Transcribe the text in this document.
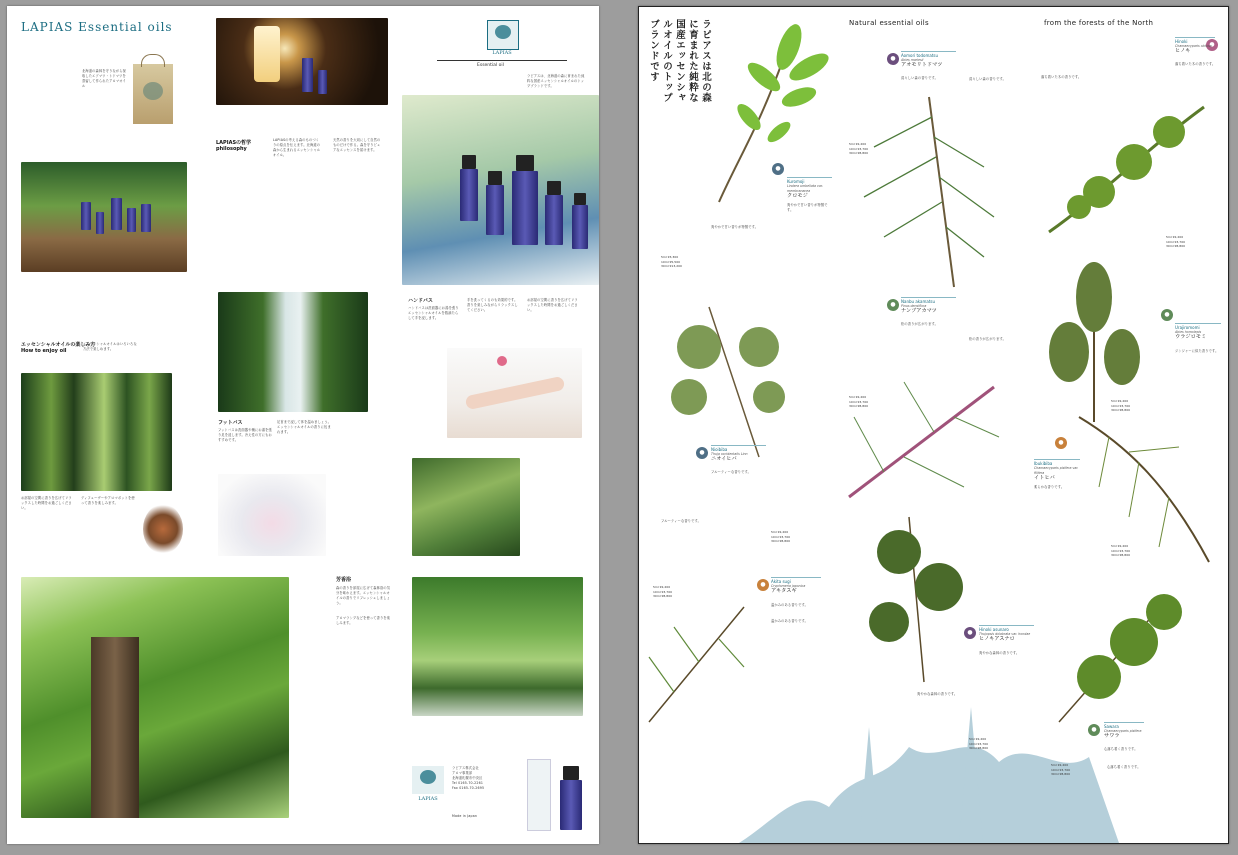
LAPIAS Essential oils
北海道の森林を守りながら採取したエゾマツ・トドマツを蒸留して作られたアロマオイル
LAPIASの哲学
philosophy
LAPIASの考える森のものづくりの原点を伝えます。北海道の森から生まれるエッセンシャルオイル。
天然の香りを大切にして自然のものだけで作る。森を守りピュアなエッセンスを届けます。
LAPIAS
Essential oil
ラピアスは、北海道の森に育まれた純粋な国産エッセンシャルオイルのトップブランドです。
エッセンシャルオイルの楽しみ方
How to enjoy oil
エッセンシャルオイルはいろいろな方法で楽しめます。
お部屋の空間に香りを広げてリラックスした時間をお過ごしください。
ディフューザーやアロマポットを使って香りを楽しみます。
ハンドバス
ハンドバスは洗面器にお湯を張りエッセンシャルオイルを数滴たらして手を浸します。
手を洗ってくるのも効果的です。香りを楽しみながらリラックスしてください。
お部屋の空間に香りを広げてリラックスした時間をお過ごしください。
フットバス
フットバスは洗面器や桶にお湯を張り足を浸します。冷え性の方にもおすすめです。
足首まで浸して体を温めましょう。エッセンシャルオイルの香りに包まれます。
芳香浴
森の香りを部屋に広げて森林浴の気分を味わえます。エッセンシャルオイルの香りでリフレッシュしましょう。
アロマランプなどを使って香りを楽しみます。
LAPIAS
ラピアス株式会社
アロマ事業部
北海道札幌市中央区
Tel 0165-70-2261
Fax 0165-70-2695
Made in Japan
ラピアスは北の森に育まれた純粋な国産エッセンシャルオイルのトップブランドです	Natural essential oils	from the forests of the North
●
Kuromoji
Lindera umbellata var. membranacea
クロモジ
爽やかで甘い香りが特徴です。
5ml ¥3,300
10ml ¥5,500
30ml ¥13,200
爽やかで甘い香りが特徴です。
●	Aomori todomatsu
Abies mariesii
アオモリトドマツ
清々しい森の香りです。	清々しい森の香りです。
5ml ¥2,200
10ml ¥3,700
30ml ¥8,800
●
Hinoki
Chamaecyparis obtusa
ヒノキ
落ち着いた木の香りです。
落ち着いた木の香りです。
5ml ¥2,200
10ml ¥3,700
30ml ¥8,800
●	Nanbu akamatsu
Pinus densiflora
ナンブアカマツ
松の香りが広がります。
松の香りが広がります。
5ml ¥2,200
10ml ¥3,700
30ml ¥8,800
●
Urajiromomi
Abies homolepis
ウラジロモミ
ジンジャーに似た香りです。
5ml ¥2,200
10ml ¥3,700
30ml ¥8,800
●	Nioibiba
Thuja occidentalis Linn
ニオイヒバ
フルーティーな香りです。
フルーティーな香りです。
5ml ¥2,200
10ml ¥3,700
30ml ¥8,800
●
Ibukibiba
Chamaecyparis pisifera var. filifera
イトヒバ
柔らかな香りです。
5ml ¥2,200
10ml ¥3,700
30ml ¥8,800
●	Akita sugi
Cryptomeria japonica
アキタスギ
温かみのある香りです。
温かみのある香りです。
5ml ¥2,200
10ml ¥3,700
30ml ¥8,800
●	Hinoki asunaro
Thujopsis dolabrata var. hondae
ヒノキアスナロ
爽やかな森林の香りです。
爽やかな森林の香りです。
5ml ¥2,200
10ml ¥3,700
30ml ¥8,800
●	Sawara
Chamaecyparis pisifera
サワラ
心落ち着く香りです。
5ml ¥2,200
10ml ¥3,700
30ml ¥8,800
心落ち着く香りです。
